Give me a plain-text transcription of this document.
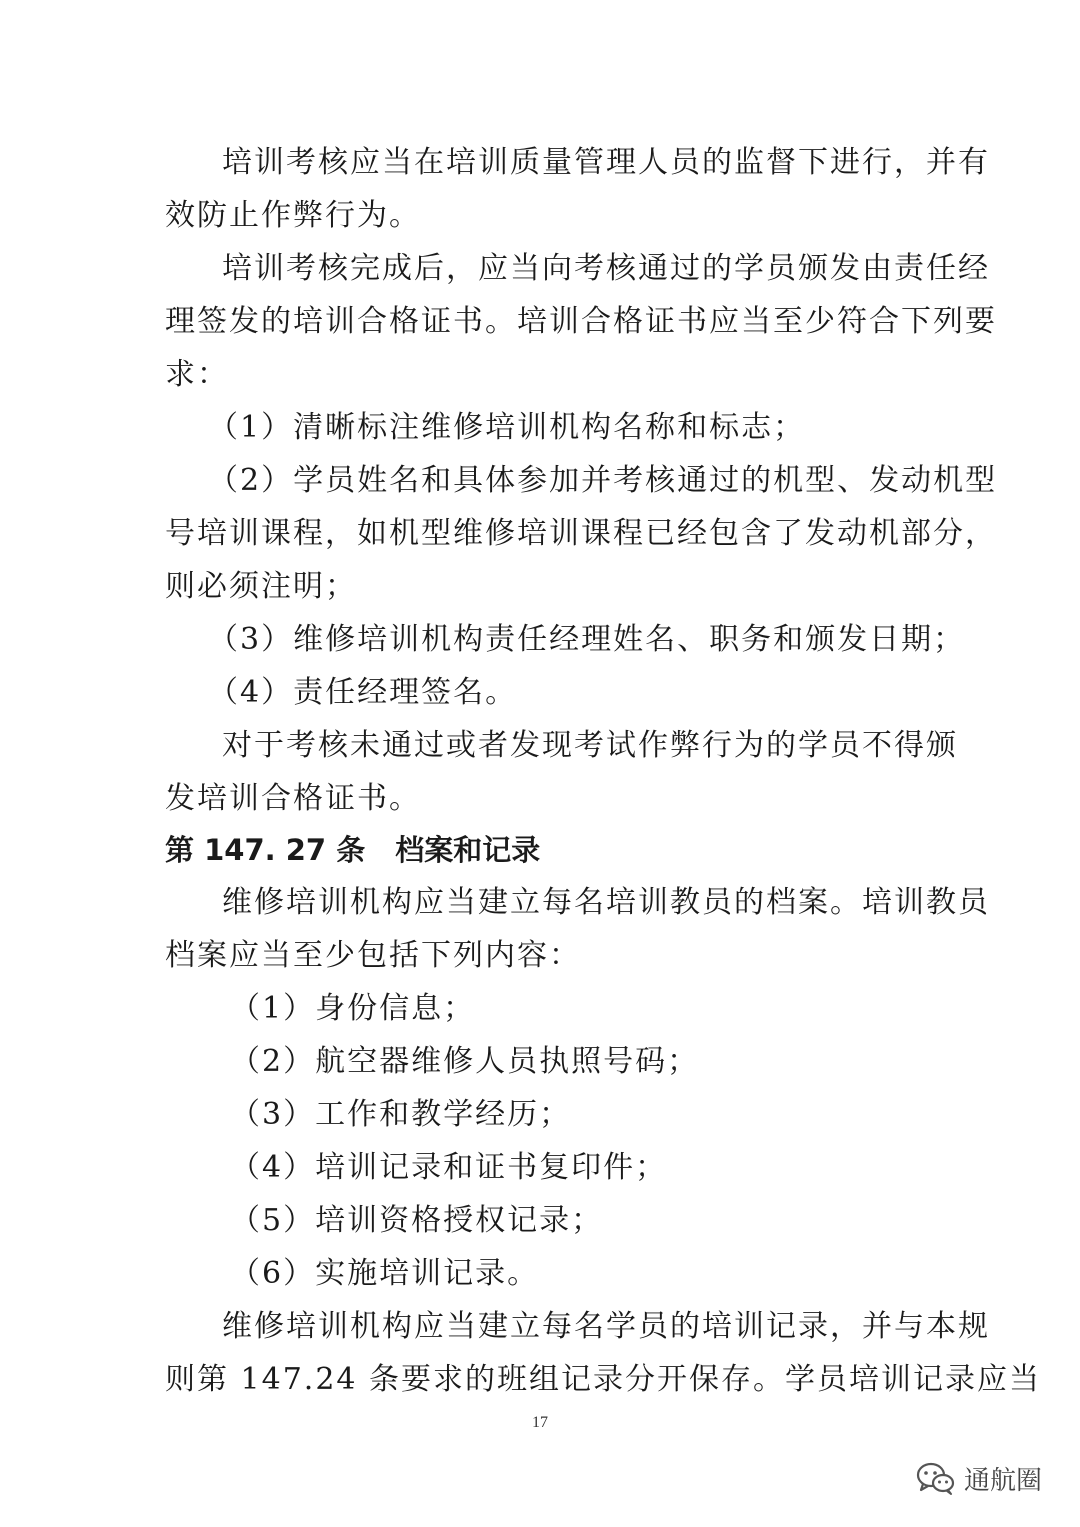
培训考核应当在培训质量管理人员的监督下进行，并有
效防止作弊行为。
培训考核完成后，应当向考核通过的学员颁发由责任经
理签发的培训合格证书。培训合格证书应当至少符合下列要
求：
（1）清晰标注维修培训机构名称和标志；
（2）学员姓名和具体参加并考核通过的机型、发动机型
号培训课程，如机型维修培训课程已经包含了发动机部分，
则必须注明；
（3）维修培训机构责任经理姓名、职务和颁发日期；
（4）责任经理签名。
对于考核未通过或者发现考试作弊行为的学员不得颁
发培训合格证书。
第 147. 27 条 档案和记录
维修培训机构应当建立每名培训教员的档案。培训教员
档案应当至少包括下列内容：
（1）身份信息；
（2）航空器维修人员执照号码；
（3）工作和教学经历；
（4）培训记录和证书复印件；
（5）培训资格授权记录；
（6）实施培训记录。
维修培训机构应当建立每名学员的培训记录，并与本规
则第 147.24 条要求的班组记录分开保存。学员培训记录应当
17
通航圈
